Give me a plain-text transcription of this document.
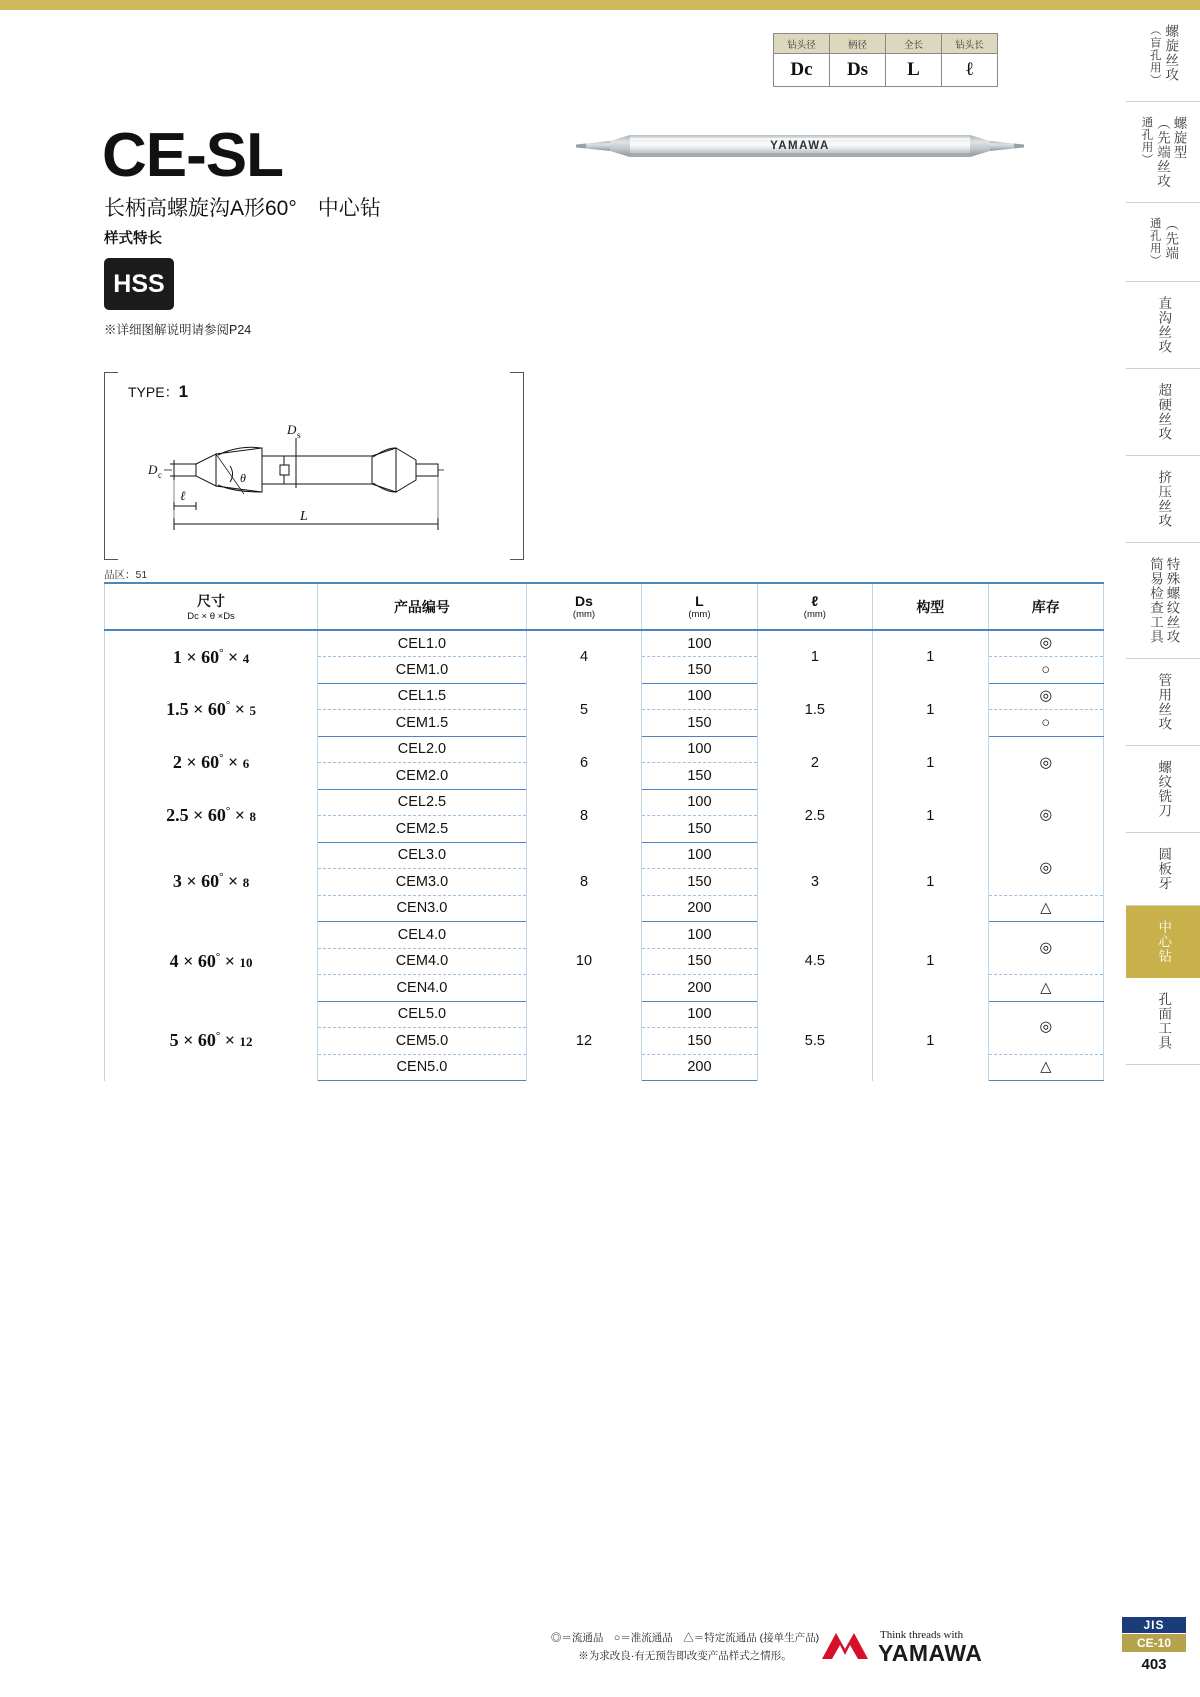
钻头径	柄径	全长	钻头长
Dc	Ds	L	ℓ
YAMAWA
CE-SL
长柄高螺旋沟A形60°　中心钻
样式特长
HSS
※详细图解说明请参阅P24
TYPE：1
D c
D s
ℓ
θ
L
品区：51
尺寸
Dc × θ ×Ds	产品编号	Ds
(mm)	L
(mm)	ℓ
(mm)	构型	库存
1 × 60° × 4	CEL1.0	4	100	1	1	◎
	CEM1.0		150			○
1.5 × 60° × 5	CEL1.5	5	100	1.5	1	◎
	CEM1.5		150			○
2 × 60° × 6	CEL2.0	6	100	2	1	◎
	CEM2.0		150			
2.5 × 60° × 8	CEL2.5	8	100	2.5	1	◎
	CEM2.5		150			
3 × 60° × 8	CEL3.0	8	100	3	1	◎
	CEM3.0		150			
	CEN3.0		200			△
4 × 60° × 10	CEL4.0	10	100	4.5	1	◎
	CEM4.0		150			
	CEN4.0		200			△
5 × 60° × 12	CEL5.0	12	100	5.5	1	◎
	CEM5.0		150			
	CEN5.0		200			△
螺旋丝攻
（盲孔用）
螺旋型
（先端丝攻
通孔用）
（先端
通孔用）
直沟丝攻
超硬丝攻
挤压丝攻
特殊螺纹丝攻
简易检查工具
管用丝攻
螺纹铣刀
圆板牙
中心钻
孔面工具
◎＝流通品　○＝准流通品　△＝特定流通品 (接单生产品)
※为求改良·有无预告即改变产品样式之情形。
Think threads with
YAMAWA
JIS
CE-10
403
